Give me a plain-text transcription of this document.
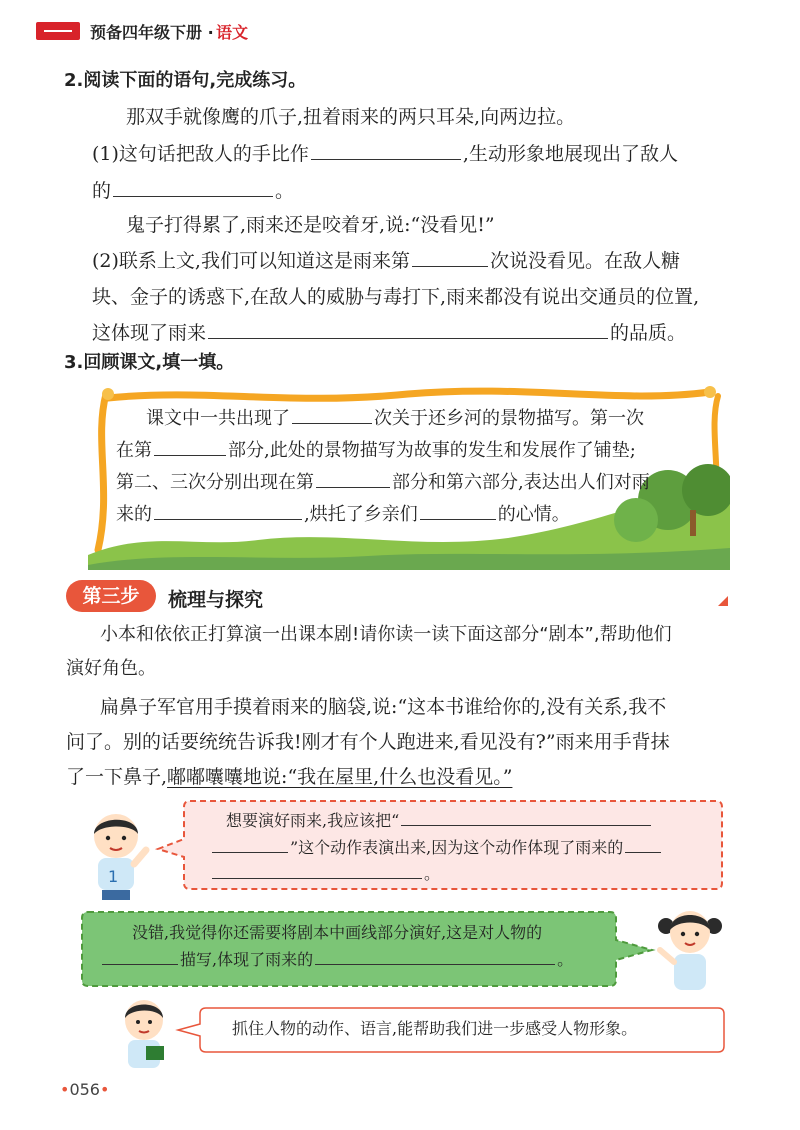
预备四年级下册 · 语文
2.阅读下面的语句,完成练习。
那双手就像鹰的爪子,扭着雨来的两只耳朵,向两边拉。
(1)这句话把敌人的手比作	,生动形象地展现出了敌人
的	。
鬼子打得累了,雨来还是咬着牙,说:“没看见!”
(2)联系上文,我们可以知道这是雨来第	次说没看见。在敌人糖
块、金子的诱惑下,在敌人的威胁与毒打下,雨来都没有说出交通员的位置,
这体现了雨来	的品质。
3.回顾课文,填一填。
课文中一共出现了	次关于还乡河的景物描写。第一次
在第	部分,此处的景物描写为故事的发生和发展作了铺垫;
第二、三次分别出现在第	部分和第六部分,表达出人们对雨
来的	,烘托了乡亲们	的心情。
第三步	梳理与探究
小本和依依正打算演一出课本剧!请你读一读下面这部分“剧本”,帮助他们
演好角色。
扁鼻子军官用手摸着雨来的脑袋,说:“这本书谁给你的,没有关系,我不
问了。别的话要统统告诉我!刚才有个人跑进来,看见没有?”雨来用手背抹
了一下鼻子,嘟嘟囔囔地说:“我在屋里,什么也没看见。”
1
想要演好雨来,我应该把“
”这个动作表演出来,因为这个动作体现了雨来的
。
没错,我觉得你还需要将剧本中画线部分演好,这是对人物的
描写,体现了雨来的	。
抓住人物的动作、语言,能帮助我们进一步感受人物形象。
•056•
